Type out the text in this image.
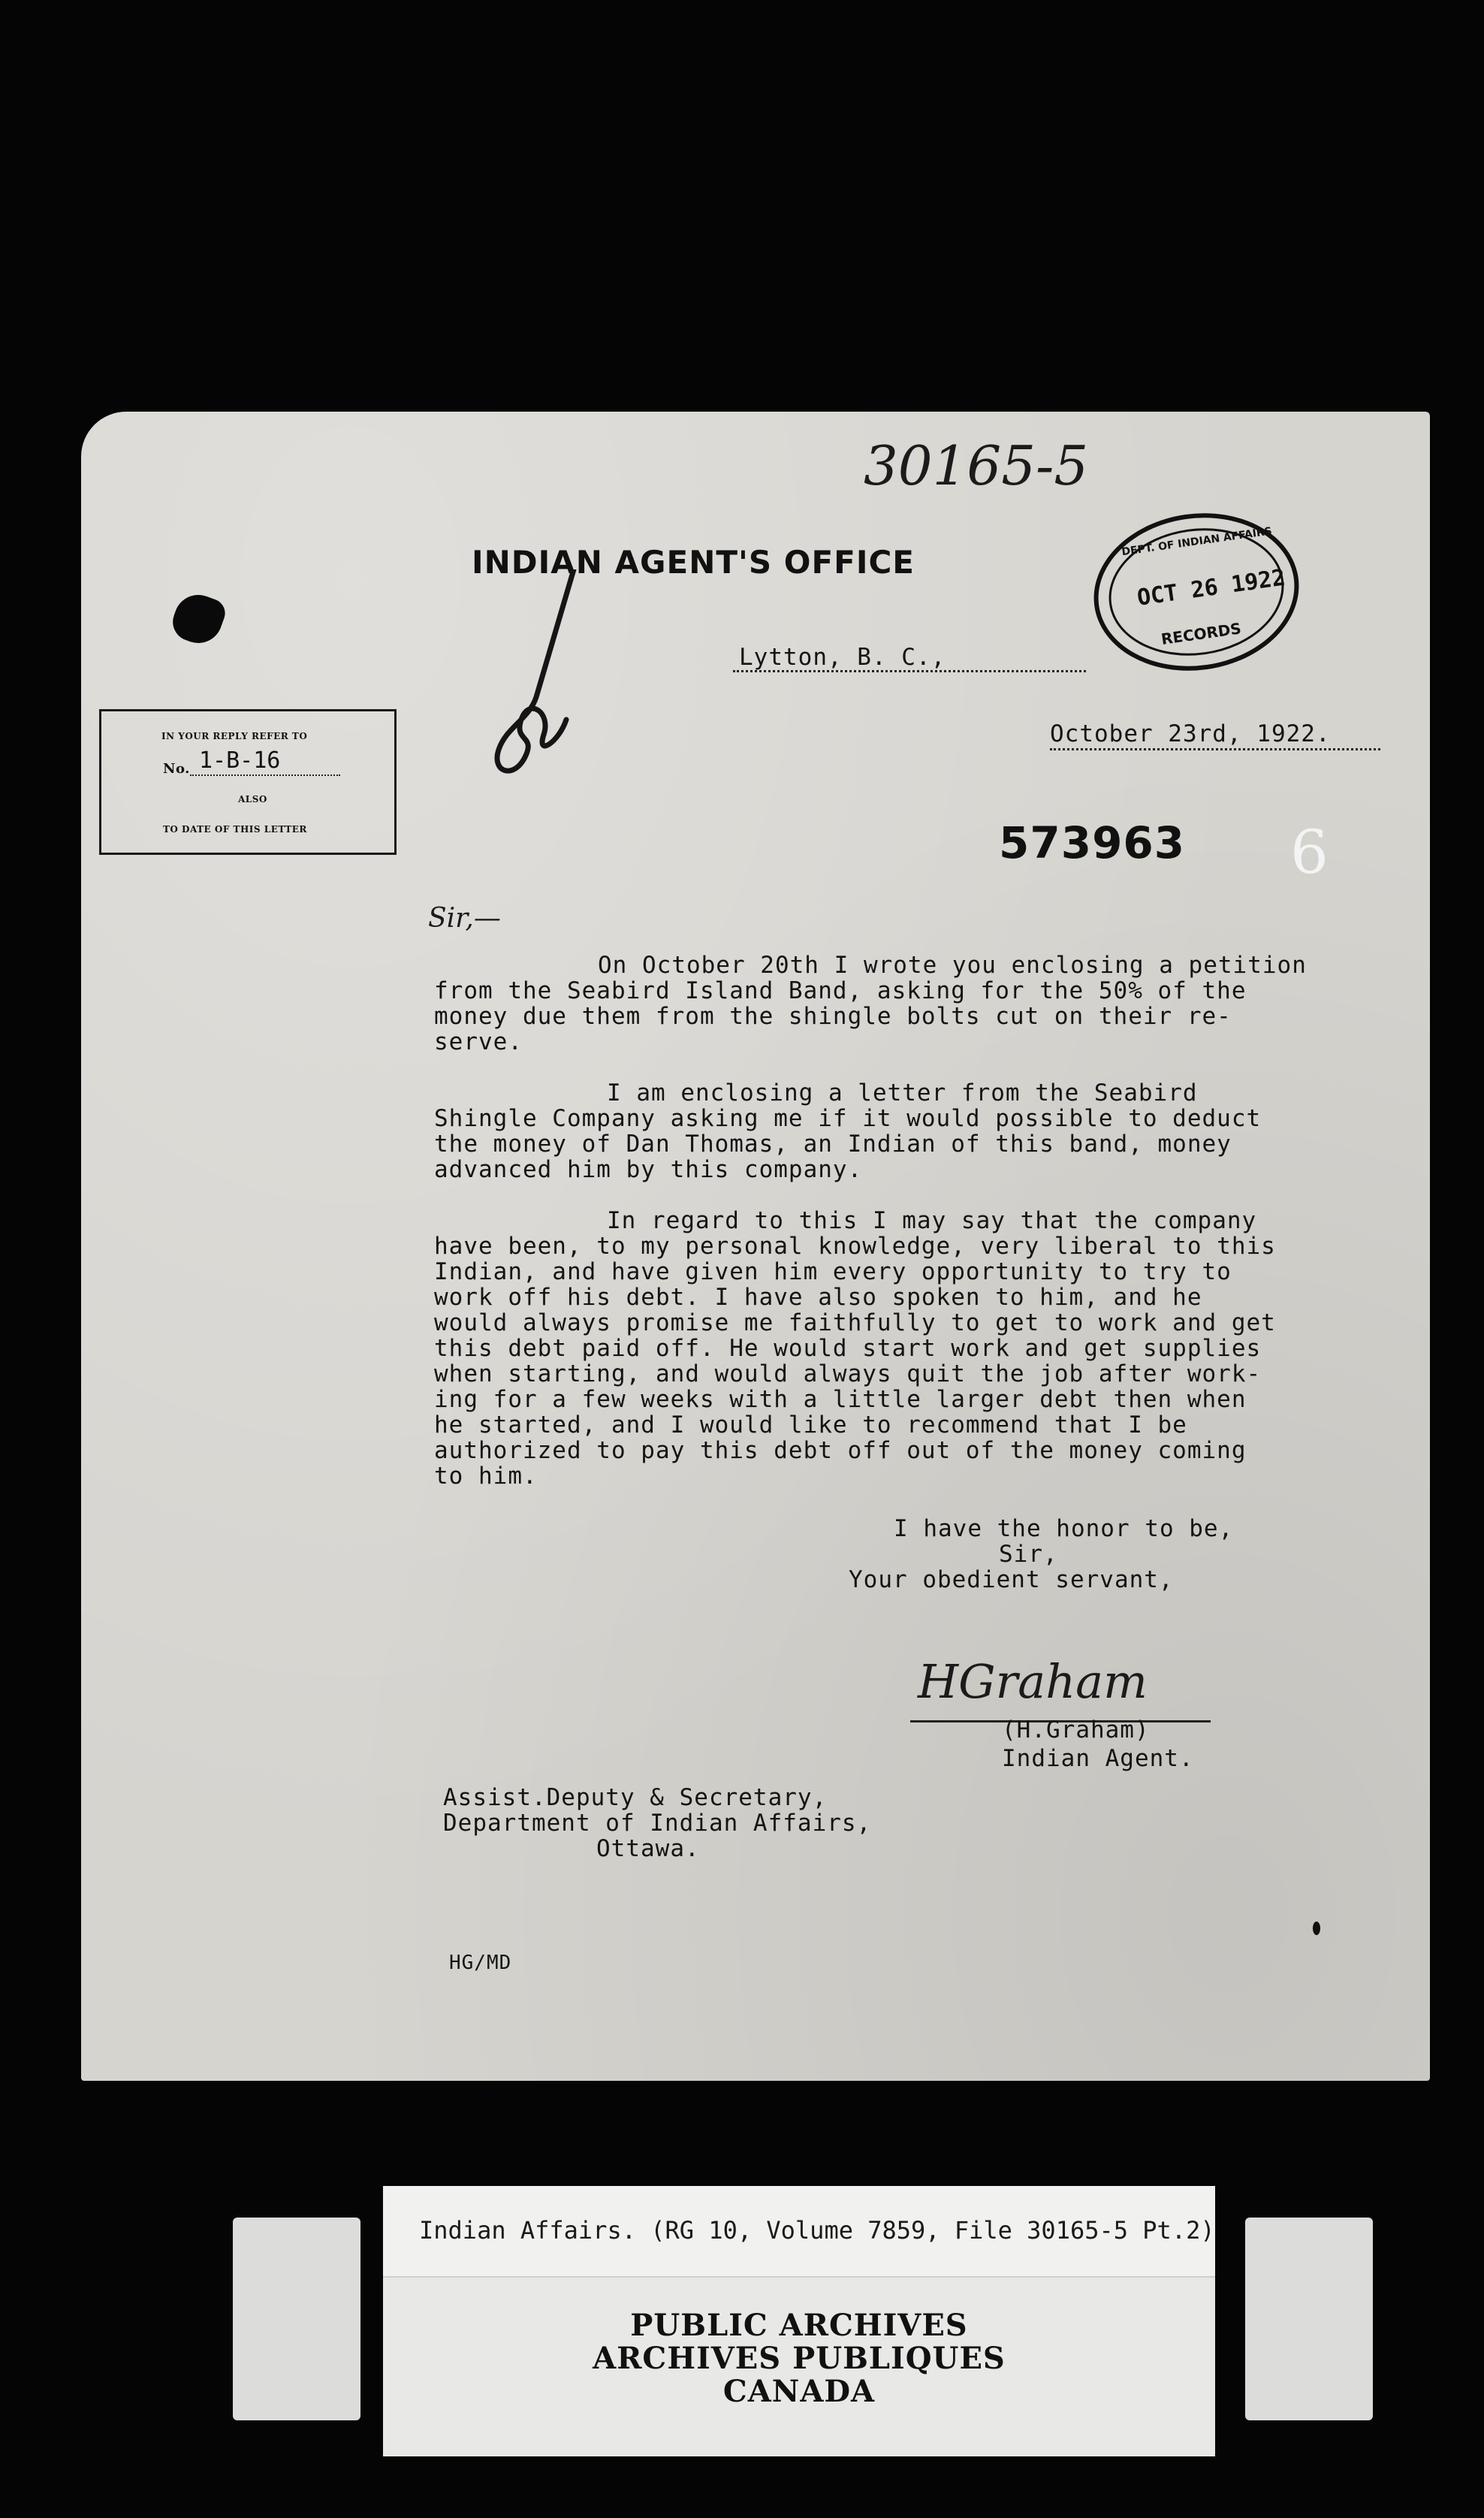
30165-5
INDIAN AGENT'S OFFICE
DEPT. OF INDIAN AFFAIRS
OCT 26 1922
RECORDS
Lytton, B. C.,
October 23rd, 1922.
IN YOUR REPLY REFER TO
No. 1-B-16
ALSO
TO DATE OF THIS LETTER	573963 6
Sir,—
On October 20th I wrote you enclosing a petition
from the Seabird Island Band, asking for the 50% of the
money due them from the shingle bolts cut on their re-
serve.
I am enclosing a letter from the Seabird
Shingle Company asking me if it would possible to deduct
the money of Dan Thomas, an Indian of this band, money
advanced him by this company.
In regard to this I may say that the company
have been, to my personal knowledge, very liberal to this
Indian, and have given him every opportunity to try to
work off his debt. I have also spoken to him, and he
would always promise me faithfully to get to work and get
this debt paid off. He would start work and get supplies
when starting, and would always quit the job after work-
ing for a few weeks with a little larger debt then when
he started, and I would like to recommend that I be
authorized to pay this debt off out of the money coming
to him.
I have the honor to be,
Sir,
Your obedient servant,
HGraham
(H.Graham)
Indian Agent.
Assist.Deputy & Secretary,
Department of Indian Affairs,
Ottawa.
HG/MD
Indian Affairs. (RG 10, Volume 7859, File 30165-5 Pt.2)
PUBLIC ARCHIVES
ARCHIVES PUBLIQUES
CANADA
